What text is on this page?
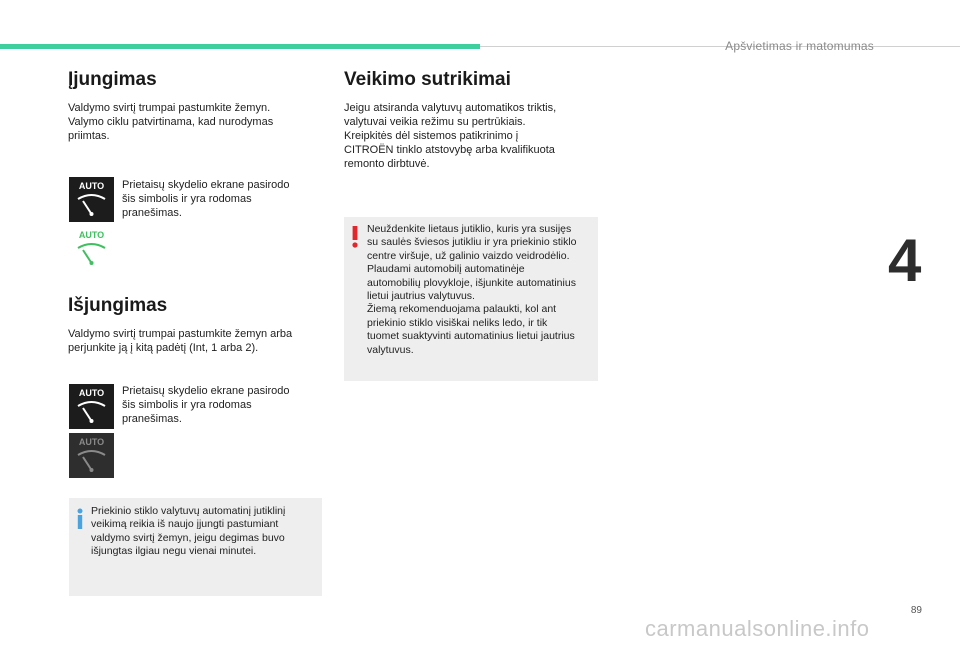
Apšvietimas ir matomumas
Įjungimas
Valdymo svirtį trumpai pastumkite žemyn.
Valymo ciklu patvirtinama, kad nurodymas
priimtas.
AUTO Prietaisų skydelio ekrane pasirodo
šis simbolis ir yra rodomas
pranešimas.
AUTO
Išjungimas
Valdymo svirtį trumpai pastumkite žemyn arba
perjunkite ją į kitą padėtį (Int, 1 arba 2).
AUTO Prietaisų skydelio ekrane pasirodo
šis simbolis ir yra rodomas
pranešimas.
AUTO
Priekinio stiklo valytuvų automatinį jutiklinį
veikimą reikia iš naujo įjungti pastumiant
valdymo svirtį žemyn, jeigu degimas buvo
išjungtas ilgiau negu vienai minutei.
Veikimo sutrikimai
Jeigu atsiranda valytuvų automatikos triktis,
valytuvai veikia režimu su pertrūkiais.
Kreipkitės dėl sistemos patikrinimo į
CITROËN tinklo atstovybę arba kvalifikuota
remonto dirbtuvė.
Neuždenkite lietaus jutiklio, kuris yra susijęs
su saulės šviesos jutikliu ir yra priekinio stiklo
centre viršuje, už galinio vaizdo veidrodėlio.
Plaudami automobilį automatinėje
automobilių plovykloje, išjunkite automatinius
lietui jautrius valytuvus.
Žiemą rekomenduojama palaukti, kol ant
priekinio stiklo visiškai neliks ledo, ir tik
tuomet suaktyvinti automatinius lietui jautrius
valytuvus.
4
89
carmanualsonline.info
